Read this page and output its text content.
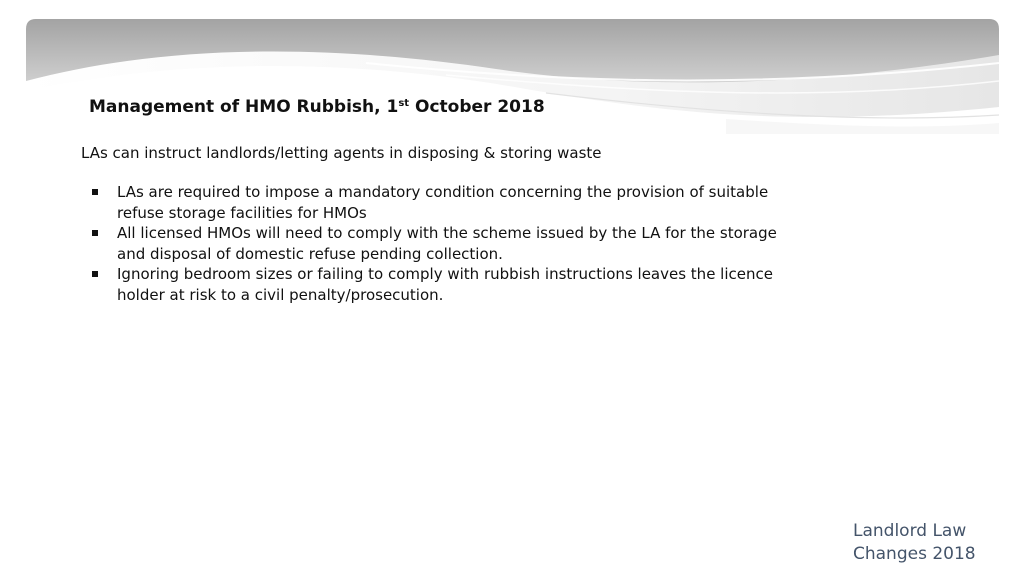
Management of HMO Rubbish, 1st October 2018
LAs can instruct landlords/letting agents in disposing & storing waste
LAs are required to impose a mandatory condition concerning the provision of suitable refuse storage facilities for HMOs
All licensed HMOs will need to comply with the scheme issued by the LA for the storage and disposal of domestic refuse pending collection.
Ignoring bedroom sizes or failing to comply with rubbish instructions leaves the licence holder at risk to a civil penalty/prosecution.
Landlord Law
Changes 2018
